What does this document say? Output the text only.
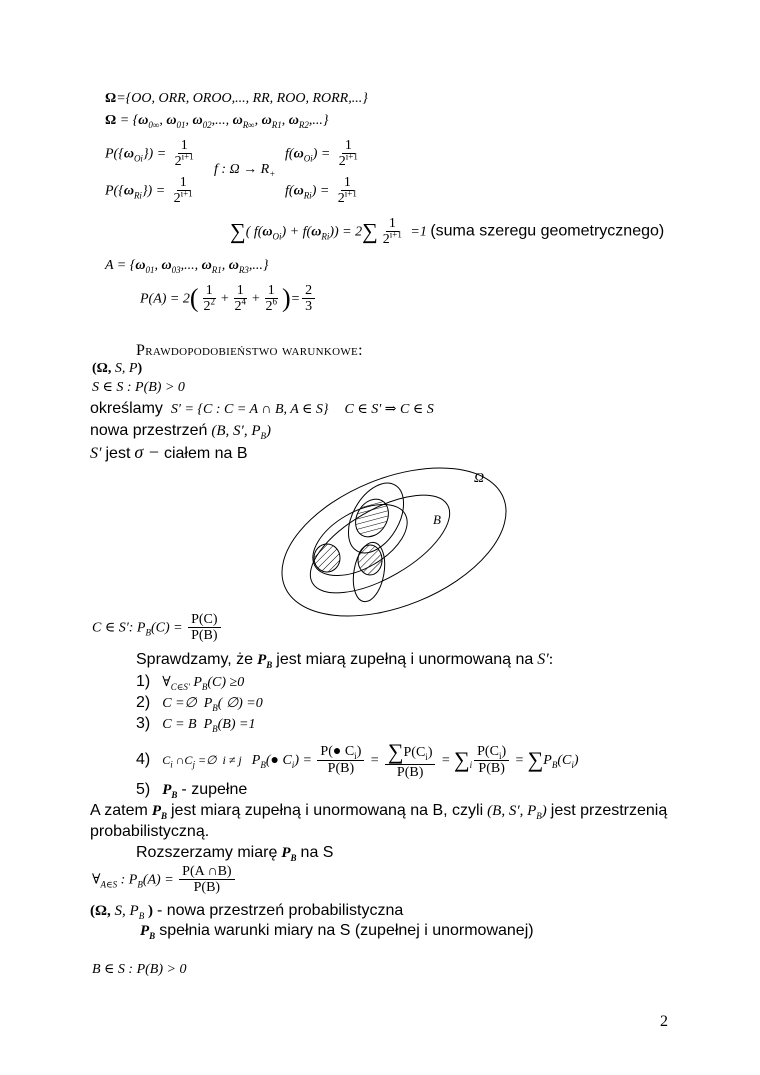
Ω={OO, ORR, OROO,..., RR, ROO, RORR,...}
$\Omega = \{\omega_{0\infty}$, $\omega_{01}$, $\omega_{02}$,..., $\omega_{R\infty}$, $\omega_{R1}$, $\omega_{R2}$,...}
$P(\{\omega_{Oi}\}) = \frac{1}{2^{i+1}}$	$f(\omega_{Oi}) = \frac{1}{2^{i+1}}$
f : $\Omega \to R_+$
$P(\{\omega_{Ri}\}) = \frac{1}{2^{i+1}}$	$f(\omega_{Ri}) = \frac{1}{2^{i+1}}$
∑( $f(\omega_{Oi}) + f(\omega_{Ri})) = 2\sum \frac{1}{2^{i+1}} =1$ (suma szeregu geometrycznego)
$A = \{\omega_{01}$, $\omega_{03}$,..., $\omega_{R1}$, $\omega_{R3}$,...}
$P(A) = 2( \frac{1}{2^2} + \frac{1}{2^4} + \frac{1}{2^6}$ )= $\frac{2}{3}$
Prawdopodobieństwo warunkowe:
(Ω, S, P)
S ∈ S : P(B) > 0
określamy S′ = {C : C = A ∩ B, A ∈ S} C ∈ S′ ⇒ C ∈ S
nowa przestrzeń (B, S′, $P_B$)
S′ jest σ − ciałem na B
Ω
B
C ∈ S′: $P_B(C) = \frac{P(C)}{P(B)}$
Sprawdzamy, że $P_B$ jest miarą zupełną i unormowaną na S′:
1) $\forall_{C\in S'}$ $P_B(C) \ge 0$
2) C =∅  $P_B$( ∅) =0
3) C = B  $P_B(B) =1$
4) $C_i$ $\cap C_j$ =∅  i ≠ j $P_B(●$ $C_i) = \frac{P(● C_i)}{P(B)} = \frac{\sum P(C_i)}{P(B)} = \sum_i \frac{P(C_i)}{P(B)} = \sum P_B(C_i)$
5) $P_B$ - zupełne
A zatem $P_B$ jest miarą zupełną i unormowaną na B, czyli (B, S′, $P_B$) jest przestrzenią
probabilistyczną.
Rozszerzamy miarę $P_B$ na S
$\forall_{A\in S}$ : $P_B(A) = \frac{P(A \cap B)}{P(B)}$
(Ω, S, $P_B$ ) - nowa przestrzeń probabilistyczna
$P_B$ spełnia warunki miary na S (zupełnej i unormowanej)
B ∈ S : P(B) > 0
2
